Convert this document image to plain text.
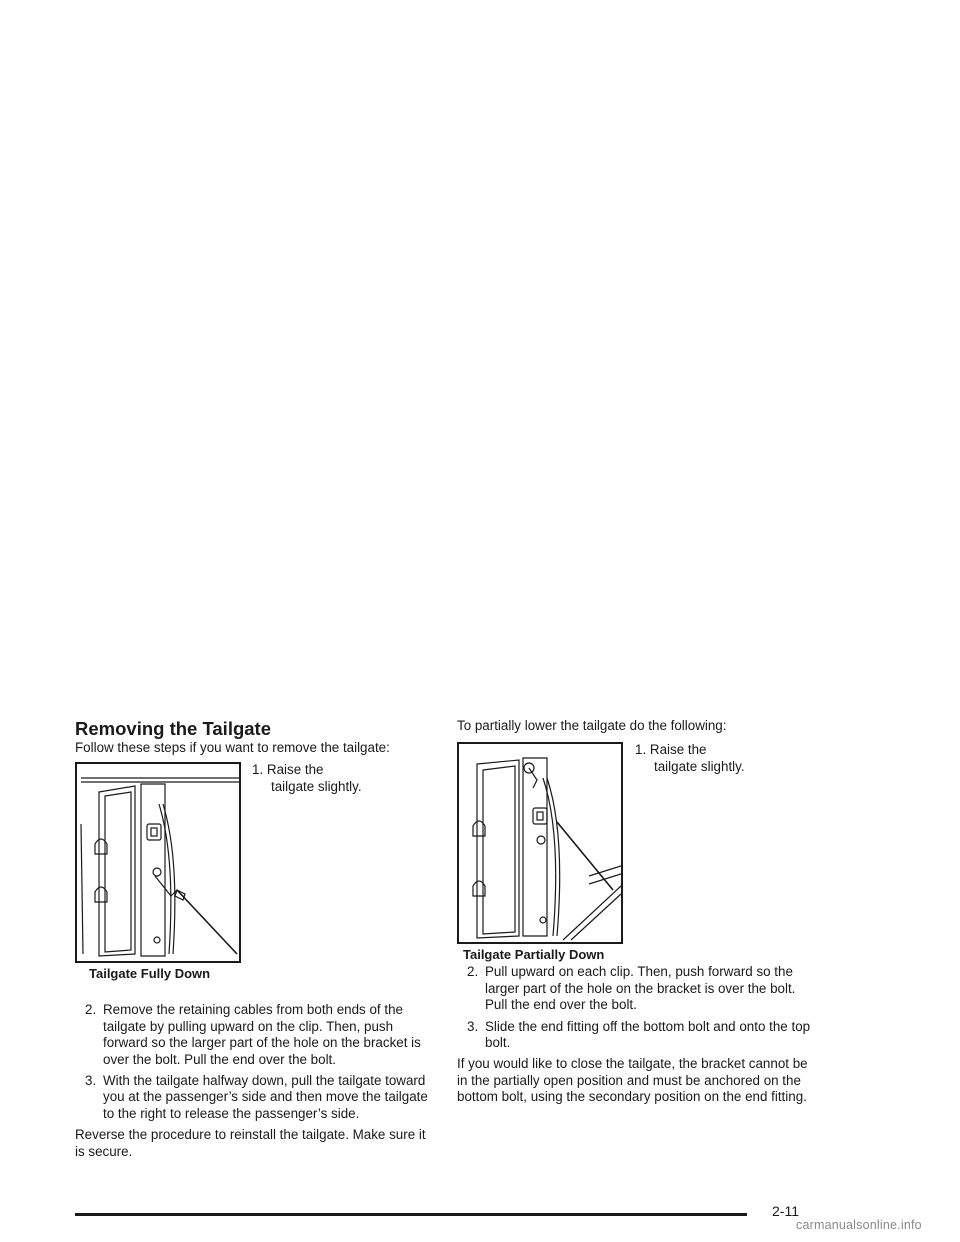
Removing the Tailgate

Follow these steps if you want to remove the tailgate:

Tailgate Fully Down
1. Raise the
tailgate slightly.

2. Remove the retaining cables from both ends of the tailgate by pulling upward on the clip. Then, push forward so the larger part of the hole on the bracket is over the bolt. Pull the end over the bolt.

3. With the tailgate halfway down, pull the tailgate toward you at the passenger’s side and then move the tailgate to the right to release the passenger’s side.

Reverse the procedure to reinstall the tailgate. Make sure it is secure.

To partially lower the tailgate do the following:

Tailgate Partially Down
1. Raise the
tailgate slightly.

2. Pull upward on each clip. Then, push forward so the larger part of the hole on the bracket is over the bolt. Pull the end over the bolt.

3. Slide the end fitting off the bottom bolt and onto the top bolt.

If you would like to close the tailgate, the bracket cannot be in the partially open position and must be anchored on the bottom bolt, using the secondary position on the end fitting.

2-11
carmanualsonline.info
